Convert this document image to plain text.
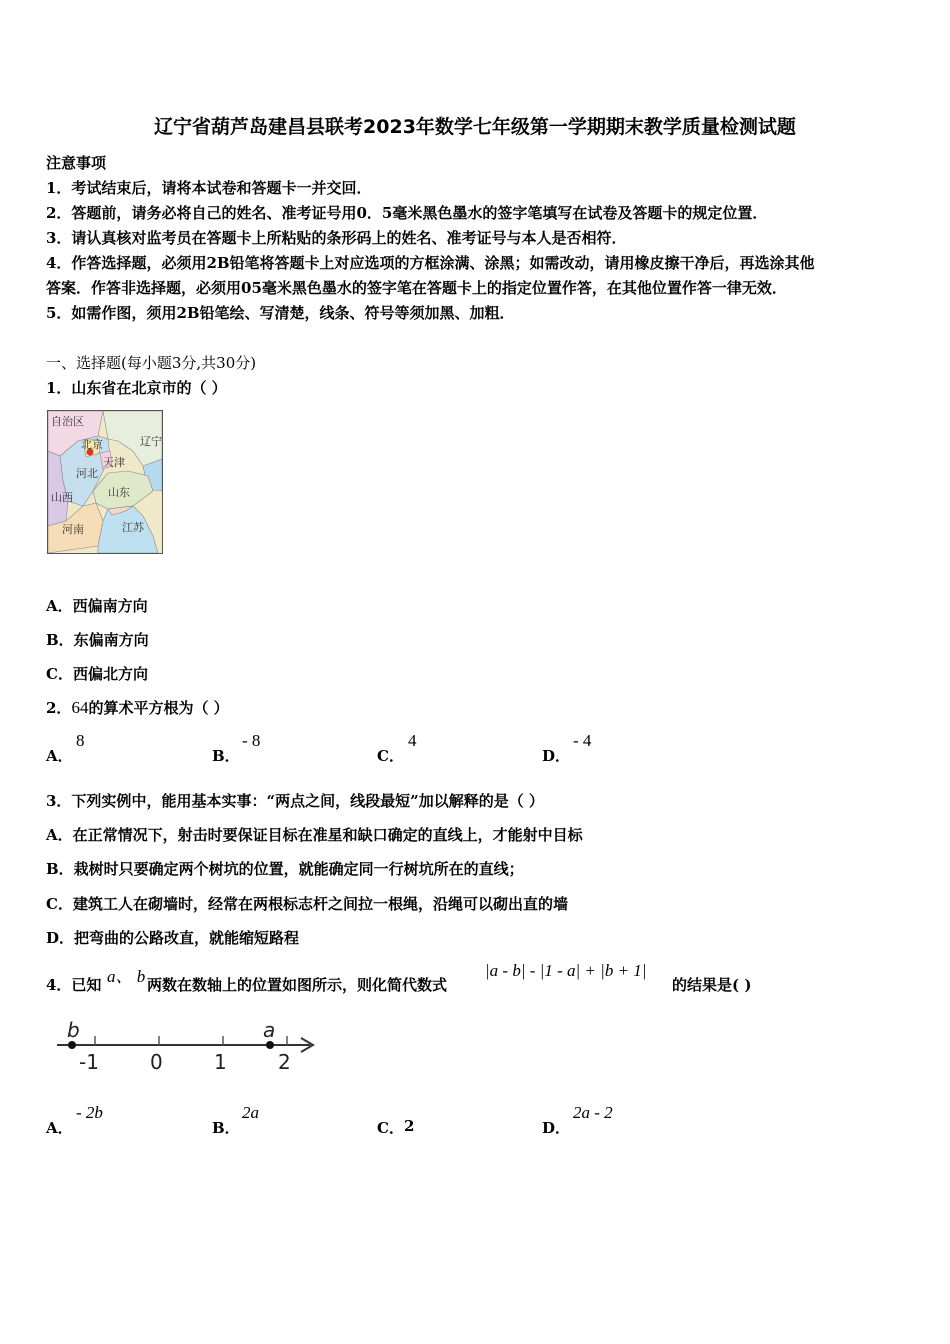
辽宁省葫芦岛建昌县联考2023年数学七年级第一学期期末教学质量检测试题
注意事项
1．考试结束后，请将本试卷和答题卡一并交回．
2．答题前，请务必将自己的姓名、准考证号用0．5毫米黑色墨水的签字笔填写在试卷及答题卡的规定位置．
3．请认真核对监考员在答题卡上所粘贴的条形码上的姓名、准考证号与本人是否相符．
4．作答选择题，必须用2B铅笔将答题卡上对应选项的方框涂满、涂黑；如需改动，请用橡皮擦干净后，再选涂其他
答案．作答非选择题，必须用05毫米黑色墨水的签字笔在答题卡上的指定位置作答，在其他位置作答一律无效．
5．如需作图，须用2B铅笔绘、写清楚，线条、符号等须加黑、加粗．
一、选择题(每小题3分,共30分)
1．山东省在北京市的（ ）
自治区
辽宁
北京
天津
河北
山西	山东
河南	江苏
A．西偏南方向
B．东偏南方向
C．西偏北方向
2．64的算术平方根为（ ）
A．
8
B．
- 8
C．
4
D．
- 4
3．下列实例中，能用基本实事：“两点之间，线段最短”加以解释的是（ ）
A．在正常情况下，射击时要保证目标在准星和缺口确定的直线上，才能射中目标
B．栽树时只要确定两个树坑的位置，就能确定同一行树坑所在的直线；
C．建筑工人在砌墙时，经常在两根标志杆之间拉一根绳，沿绳可以砌出直的墙
D．把弯曲的公路改直，就能缩短路程
4．已知 a、 b 两数在数轴上的位置如图所示，则化简代数式
|a - b| - |1 - a| + |b + 1|
的结果是( )
b	a
-1	0	1	2
A．
- 2b
B．
2a
C． 2	D．
2a - 2
